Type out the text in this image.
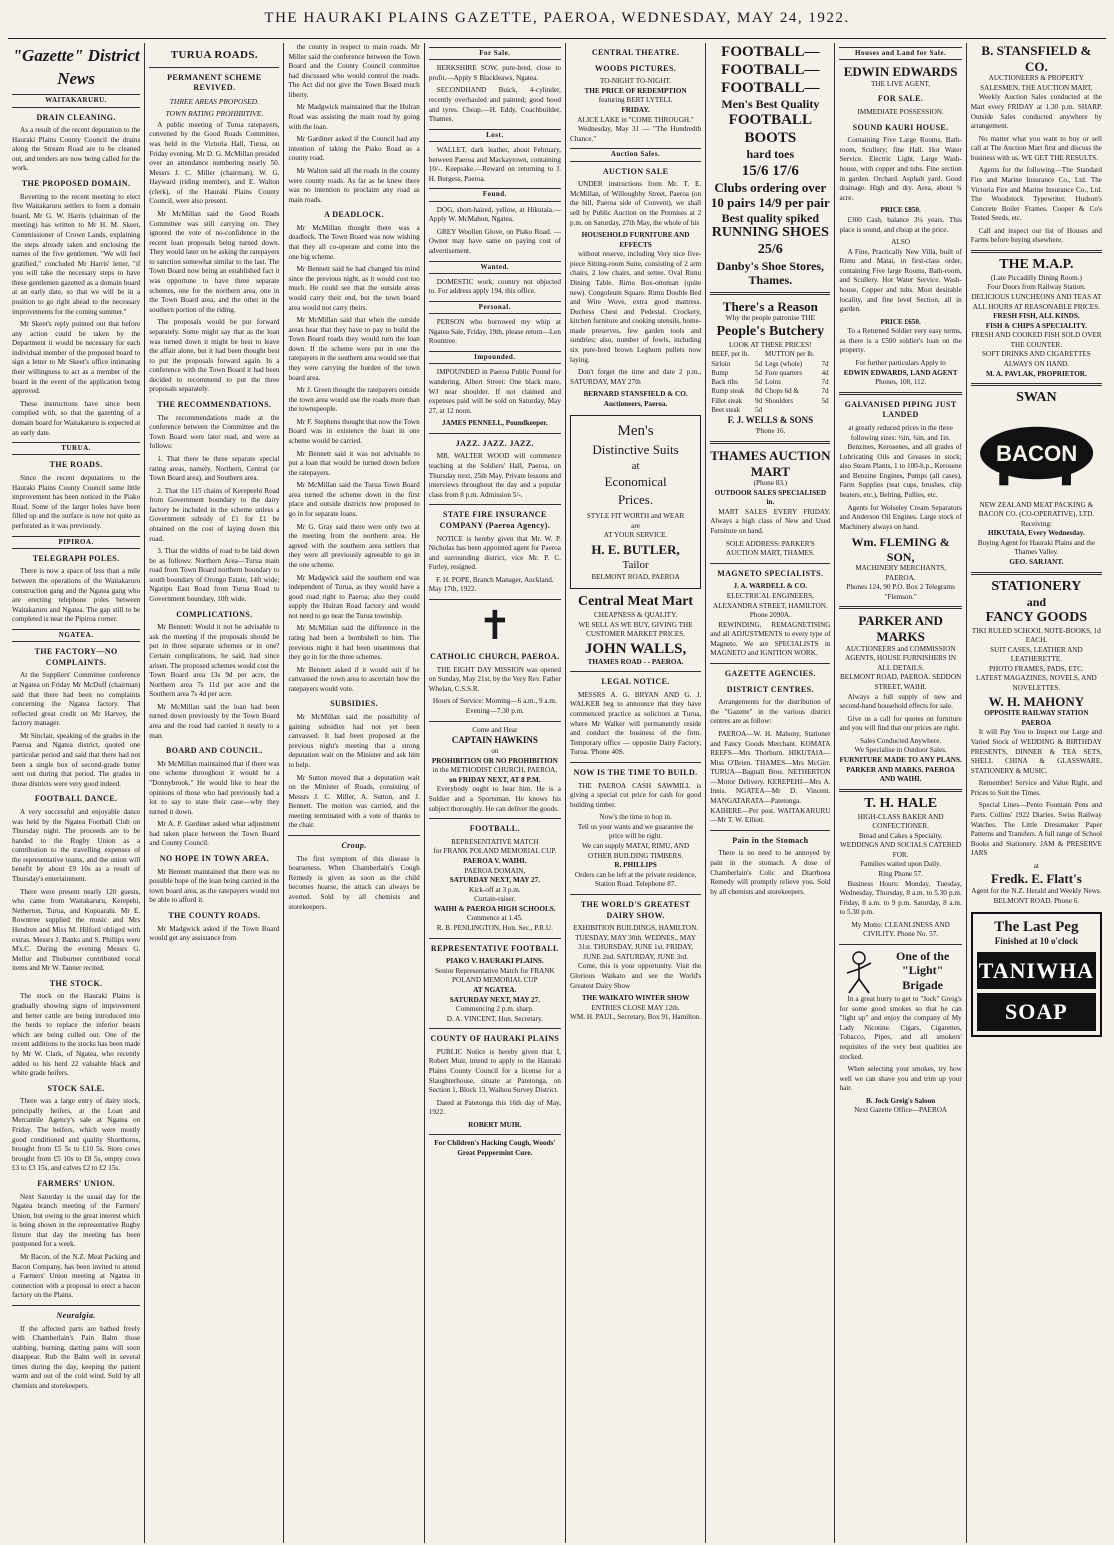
THE HAURAKI PLAINS GAZETTE, PAEROA, WEDNESDAY, MAY 24, 1922.
"Gazette" District News
WAITAKARURU.
DRAIN CLEANING.

As a result of the recent deputation to the Hauraki Plains County Council the drains along the Stream Road are to be cleaned out, and tenders are now being called for the work.

THE PROPOSED DOMAIN.

Reverting to the recent meeting to elect five Waitakaruru settlers to form a domain board, Mr G. W. Harris (chairman of the meeting) has written to Mr H. M. Skeet, Commissioner of Crown Lands, explaining the steps already taken and enclosing the names of the five gentlemen. "We will feel gratified," concluded Mr Harris' letter, "if you will take the necessary steps to have these gentlemen gazetted as a domain board at an early date, so that we will be in a position to go right ahead to the necessary improvements for the coming summer."

Mr Skeet's reply pointed out that before any action could be taken by the Department it would be necessary for each individual member of the proposed board to sign a letter to Mr Skeet's office intimating their willingness to act as a member of the board in the event of the application being approved.

These instructions have since been complied with, so that the gazetting of a domain board for Waitakaruru is expected at an early date.

TURUA.
THE ROADS.

Since the recent deputations to the Hauraki Plains County Council some little improvement has been noticed in the Piako Road. Some of the larger holes have been filled up and the surface is now not quite as perforated as it was previously.

PIPIROA.
TELEGRAPH POLES.

There is now a space of less than a mile between the operations of the Waitakaruru construction gang and the Ngatea gang who are erecting telephone poles between Waitakaruru and Ngatea. The gap still to be completed is near the Pipiroa corner.

NGATEA.
THE FACTORY—NO COMPLAINTS.

At the Suppliers' Committee conference at Ngatea on Friday Mr McDuff (chairman) said that there had been no complaints concerning the Ngatea factory. That reflected great credit on Mr Harvey, the factory manager.

Mr Sinclair, speaking of the grades in the Paeroa and Ngatea district, quoted one particular period and said that there had not been a single box of second-grade butter sent out during that period. The grades in those districts were very good indeed.

FOOTBALL DANCE.

A very successful and enjoyable dance was held by the Ngatea Football Club on Thursday night. The proceeds are to be handed to the Rugby Union as a contribution to the travelling expenses of the representative teams, and the union will benefit by about £9 10s as a result of Thursday's entertainment.

There were present nearly 120 guests, who came from Waitakaruru, Kerepehi, Netherton, Turua, and Kopuarahi. Mr E. Rowntree supplied the music and Mrs Hendren and Miss M. Hilford obliged with extras. Messrs J. Banks and S. Phillips were M's.C. During the evening Messrs G. Mellor and Thoburner contributed vocal items and Mr W. Tanner recited.

THE STOCK.

The stock on the Hauraki Plains is gradually showing signs of improvement and better cattle are being introduced into the herds to replace the inferior beasts which are being culled out. One of the recent additions to the stocks has been made by Mr W. Clark, of Ngatea, who recently added to his herd 22 valuable black and white grade heifers.

STOCK SALE.

There was a large entry of dairy stock, principally heifers, at the Loan and Mercantile Agency's sale at Ngatea on Friday. The heifers, which were mostly good conditioned and quality Shorthorns, brought from £5 5s to £10 5s. Store cows brought from £5 10s to £8 5s, empty cows £3 to £3 15s, and calves £2 to £2 15s.

FARMERS' UNION.

Next Saturday is the usual day for the Ngatea branch meeting of the Farmers' Union, but owing to the great interest which is being shown in the representative Rugby fixture that day the meeting has been postponed for a week.

Mr Bacon, of the N.Z. Meat Packing and Bacon Company, has been invited to attend a Farmers' Union meeting at Ngatea in connection with a proposal to erect a bacon factory on the Plains.

Neuralgia.

If the affected parts are bathed freely with Chamberlain's Pain Balm those stabbing, burning, darting pains will soon disappear. Rub the Balm well in several times during the day, keeping the patient warm and out of the cold wind. Sold by all chemists and storekeepers.

TURUA ROADS.
PERMANENT SCHEME REVIVED.
THREE AREAS PROPOSED.
TOWN RATING PROHIBITIVE.

A public meeting of Turua ratepayers, convened by the Good Roads Committee, was held in the Victoria Hall, Turua, on Friday evening. Mr D. G. McMillan presided over an attendance numbering nearly 50. Messrs J. C. Miller (chairman), W. G. Hayward (riding member), and E. Walton (clerk), of the Hauraki Plains County Council, were also present.

Mr McMillan said the Good Roads Committee was still carrying on. They ignored the vote of no-confidence in the recent loan proposals being turned down. They would later on be asking the ratepayers to sanction somewhat similar to the last. The Town Board now being an established fact it was opportune to have three separate schemes, one for the northern area, one in the Town Board area, and the other in the southern portion of the riding.

The proposals would be put forward separately. Some might say that as the loan was turned down it might be best to leave the affair alone, but it had been thought best to put the proposals forward again. In a conference with the Town Board it had been decided to recommend to put the three proposals separately.

THE RECOMMENDATIONS.

The recommendations made at the conference between the Committee and the Town Board were later read, and were as follows:

1. That there be three separate special rating areas, namely, Northern, Central (or Town Board area), and Southern area.

2. That the 115 chains of Kerepeehi Road from Government boundary to the dairy factory be included in the scheme unless a Government subsidy of £1 for £1 be obtained on the cost of laying down this road.

3. That the widths of road to be laid down be as follows: Northern Area—Turua main road from Town Board northern boundary to south boundary of Orongo Estate, 14ft wide; Ngatipu East Road from Turua Road to Government boundary, 10ft wide.

COMPLICATIONS.

Mr Bennett: Would it not be advisable to ask the meeting if the proposals should be put in three separate schemes or in one? Certain complications, he said, had since arisen. The proposed schemes would cost the Town Board area 13s 9d per acre, the Northern area 7s 11d per acre and the Southern area 7s 4d per acre.

Mr McMillan said the loan had been turned down previously by the Town Board area and the road had carried it nearly to a man.

BOARD AND COUNCIL.

Mr McMillan maintained that if there was one scheme throughout it would be a "Donnybrook." He would like to hear the opinions of those who had previously had a lot to say to state their case—why they turned it down.

Mr A. P. Gardiner asked what adjustment had taken place between the Town Board and County Council.

NO HOPE IN TOWN AREA.

Mr Bennett maintained that there was no possible hope of the loan being carried in the town board area, as the ratepayers would not be able to afford it.

THE COUNTY ROADS.

Mr Madgwick asked if the Town Board would get any assistance from

the county in respect to main roads. Mr Miller said the conference between the Town Board and the County Council committee had discussed who would control the roads. The Act did not give the Town Board much liberty.

Mr Madgwick maintained that the Hulran Road was assisting the main road by going with the loan.

Mr Gardiner asked if the Council had any intention of taking the Piako Road as a county road.

Mr Walton said all the roads in the county were county roads. As far as he knew there was no intention to proclaim any road as main roads.

A DEADLOCK.

Mr McMillan thought there was a deadlock. The Town Board was now wishing that they all co-operate and come into the one big scheme.

Mr Bennett said he had changed his mind since the previous night, as it would cost too much. He could see that the outside areas would carry their end, but the town board area would not carry theirs.

Mr McMillan said that when the outside areas hear that they have to pay to build the Town Board roads they would turn the loan down. If the scheme were put in one the ratepayers in the southern area would see that they were carrying the burden of the town board area.

Mr J. Green thought the ratepayers outside the town area would use the roads more than the townspeople.

Mr F. Stephens thought that now the Town Board was in existence the loan in one scheme would be carried.

Mr Bennett said it was not advisable to put a loan that would be turned down before the ratepayers.

Mr McMillan said the Turua Town Board area turned the scheme down in the first place and outside districts now proposed to go in for separate loans.

Mr G. Gray said there were only two at the meeting from the northern area. He agreed with the southern area settlers that they were all previously agreeable to go in the one scheme.

Mr Madgwick said the southern end was independent of Turua, as they would have a good road right to Paeroa; also they could supply the Hulran Road factory and would not need to go near the Turua township.

Mr McMillan said the difference in the rating had been a bombshell to him. The previous night it had been unanimous that they go in for the three schemes.

Mr Bennett asked if it would suit if he canvassed the town area to ascertain how the ratepayers would vote.

SUBSIDIES.

Mr McMillan said the possibility of gaining subsidies had not yet been canvassed. It had been proposed at the previous night's meeting that a strong deputation wait on the Minister and ask him to help.

Mr Sutton moved that a deputation wait on the Minister of Roads, consisting of Messrs J. C. Miller, A. Sutton, and J. Bennett. The motion was carried, and the meeting terminated with a vote of thanks to the chair.

Croup.

The first symptom of this disease is hoarseness. When Chamberlain's Cough Remedy is given as soon as the child becomes hoarse, the attack can always be averted. Sold by all chemists and storekeepers.

For Sale.

BERKSHIRE SOW, pure-bred, close to profit.—Apply S Blackleaws, Ngatea.

SECONDHAND Buick, 4-cylinder, recently overhauled and painted; good hood and tyres. Cheap.—H. Eddy, Coachbuilder, Thames.

Lost.

WALLET, dark leather, about February, between Paeroa and Mackaytown, containing 10/-. Keepsake.—Reward on returning to J. H. Burgess, Paeroa.

Found.

DOG, short-haired, yellow, at Hikutaia.—Apply W. McMahon, Ngatea.

GREY Woollen Glove, on Piako Road. — Owner may have same on paying cost of advertisement.

Wanted.

DOMESTIC work, country not objected to. For address apply 194, this office.

Personal.

PERSON who borrowed my whip at Ngatea Sale, Friday, 19th, please return—Len Rountree.

Impounded.

IMPOUNDED in Paeroa Public Pound for wandering, Albert Street: One black mare, WJ near shoulder. If not claimed and expenses paid will be sold on Saturday, May 27, at 12 noon.

JAMES PENNELL, Poundkeeper.
JAZZ. JAZZ. JAZZ.

MR. WALTER WOOD will commence teaching at the Soldiers' Hall, Paeroa, on Thursday next, 25th May. Private lessons and interviews throughout the day and a popular class from 8 p.m. Admission 5/-.

STATE FIRE INSURANCE COMPANY (Paeroa Agency).

NOTICE is hereby given that Mr. W. P. Nicholas has been appointed agent for Paeroa and surrounding district, vice Mr. P. C. Furley, resigned.

F. H. POPE, Branch Manager, Auckland.
May 17th, 1922.
✝
CATHOLIC CHURCH, PAEROA.

THE EIGHT DAY MISSION was opened on Sunday, May 21st, by the Very Rev. Father Whelan, C.S.S.R.

Hours of Service: Morning—6 a.m., 9 a.m. Evening—7.30 p.m.
Come and Hear
CAPTAIN HAWKINS
on
PROHIBITION OR NO PROHIBITION
in the METHODIST CHURCH, PAEROA,
on FRIDAY NEXT, AT 8 P.M.

Everybody ought to hear him. He is a Soldier and a Sportsman. He knows his subject thoroughly. He can deliver the goods.

FOOTBALL.
REPRESENTATIVE MATCH
for FRANK POLAND MEMORIAL CUP.
PAEROA V. WAIHI.
PAEROA DOMAIN,
SATURDAY NEXT, MAY 27.
Kick-off at 3 p.m.
Curtain-raiser.
WAIHI & PAEROA HIGH SCHOOLS.
Commence at 1.45.
R. B. PENLINGTON, Hon. Sec., P.R.U.
REPRESENTATIVE FOOTBALL
PIAKO V. HAURAKI PLAINS.
Senior Representative Match for FRANK POLAND MEMORIAL CUP
AT NGATEA.
SATURDAY NEXT, MAY 27.
Commencing 2 p.m. sharp.
D. A. VINCENT, Hon. Secretary.
COUNTY OF HAURAKI PLAINS

PUBLIC Notice is hereby given that I, Robert Muir, intend to apply to the Hauraki Plains County Council for a license for a Slaughterhouse, situate at Patetonga, on Section 1, Block 13, Waihou Survey District.

Dated at Patetonga this 16th day of May, 1922.

ROBERT MUIR.
For Children's Hacking Cough, Woods' Great Peppermint Cure.
CENTRAL THEATRE.
WOODS PICTURES.
TO-NIGHT TO-NIGHT.
THE PRICE OF REDEMPTION
featuring BERT LYTELL
FRIDAY.
ALICE LAKE in "COME THROUGH."

Wednesday, May 31 — "The Hundredth Chance."

Auction Sales.
AUCTION SALE

UNDER instructions from Mr. T. E. McMillan, of Willoughby Street, Paeroa (on the hill, Paeroa side of Convent), we shall sell by Public Auction on the Premises at 2 p.m. on Saturday, 27th May, the whole of his

HOUSEHOLD FURNITURE AND EFFECTS

without reserve, including Very nice five-piece Sitting-room Suite, consisting of 2 arm chairs, 2 low chairs, and settee. Oval Rimu Dining Table. Rimu Box-ottoman (quite new). Congoleum Square. Rimu Double Bed and Wire Wove, extra good mattress. Duchess Chest and Pedestal. Crockery, kitchen furniture and cooking utensils, home-made preserves, few garden tools and sundries; also, number of fowls, including six pure-bred brown Leghorn pullets now laying.

Don't forget the time and date 2 p.m., SATURDAY, MAY 27th

BERNARD STANSFIELD & CO. Auctioneers, Paeroa.
Men's
Distinctive Suits
at
Economical
Prices.
STYLE FIT WORTH and WEAR
are
AT YOUR SERVICE.
H. E. BUTLER,
Tailor
BELMONT ROAD, PAEROA
Central Meat Mart
CHEAPNESS & QUALITY.
WE SELL AS WE BUY, GIVING THE CUSTOMER MARKET PRICES.
JOHN WALLS,
THAMES ROAD - - PAEROA.
LEGAL NOTICE.

MESSRS A. G. BRYAN AND G. J. WALKER beg to announce that they have commenced practice as solicitors at Turua, where Mr Walker will permanently reside and conduct the business of the firm. Temporary office — opposite Dairy Factory, Turua. 'Phone 40S.

NOW IS THE TIME TO BUILD.

THE PAEROA CASH SAWMILL is giving a special cut price for cash for good building timber.

Now's the time to hop in.
Tell us your wants and we guarantee the price will be right.
We can supply MATAI, RIMU, AND OTHER BUILDING TIMBERS.
R. PHILLIPS
Orders can be left at the private residence, Station Road. Telephone 87.
THE WORLD'S GREATEST DAIRY SHOW.
EXHIBITION BUILDINGS, HAMILTON.
TUESDAY, MAY 30th. WEDNES., MAY 31st. THURSDAY, JUNE 1st. FRIDAY, JUNE 2nd. SATURDAY, JUNE 3rd.

Come, this is your opportunity. Visit the Glorious Waikato and see the World's Greatest Dairy Show

THE WAIKATO WINTER SHOW
ENTRIES CLOSE MAY 12th.
WM. H. PAUL, Secretary, Box 91, Hamilton.
FOOTBALL—
FOOTBALL—
FOOTBALL—
Men's Best Quality
FOOTBALL
BOOTS
hard toes
15/6 17/6
Clubs ordering over 10 pairs 14/9 per pair
Best quality spiked
RUNNING SHOES
25/6
Danby's Shoe Stores, Thames.
There's a Reason
Why the people patronise THE
People's Butchery
LOOK AT THESE PRICES!
BEEF, per lb.		MUTTON per lb.	
Sirloin	5d	Legs (whole)	7d
Rump	5d	Fore quarters	4d
Back ribs	5d	Loins	7d
Rump steak	8d	Chops 6d &	7d
Fillet steak	9d	Shoulders	5d
Beet steak	5d		
F. J. WELLS & SONS
'Phone 16.
THAMES AUCTION MART
(Phone 83.)
OUTDOOR SALES SPECIALISED in.

MART SALES EVERY FRIDAY. Always a high class of New and Used Furniture on hand.

SOLE ADDRESS: PARKER'S AUCTION MART, THAMES.
MAGNETO SPECIALISTS.
J. A. WARDELL & CO.
ELECTRICAL ENGINEERS, ALEXANDRA STREET, HAMILTON.
Phone 2090A.

REWINDING, REMAGNETISING and all ADJUSTMENTS to every type of Magneto. We are SPECIALISTS in MAGNETO and IGNITION WORK.

GAZETTE AGENCIES.
DISTRICT CENTRES.

Arrangements for the distribution of the "Gazette" in the various district centres are as follow:

PAEROA—W. H. Mahony, Stationer and Fancy Goods Merchant. KOMATA REEFS—Mrs Thorburn. HIKUTAIA—Miss O'Brien. THAMES—Mrs McGirr. TURUA—Bagnall Bros. NETHERTON—Motor Delivery. KEREPEHI—Mrs A. Innis. NGATEA—Mr D. Vincent. MANGATARATA—Patetonga. KAIHERE—Per post. WAITAKARURU—Mr T. W. Elliott.

Pain in the Stomach

There is no need to be annoyed by pain in the stomach. A dose of Chamberlain's Colic and Diarrhoea Remedy will promptly relieve you. Sold by all chemists and storekeepers.

Houses and Land for Sale.
EDWIN EDWARDS
THE LIVE AGENT,
FOR SALE.
IMMEDIATE POSSESSION.
SOUND KAURI HOUSE.

Containing Five Large Rooms, Bath-room, Scullery; fine Hall. Hot Water Service. Electric Light. Large Wash-house, with copper and tubs. Fine section in garden. Orchard. Asphalt yard. Good drainage. High and dry. Area, about ¾ acre.

PRICE £850.

£300 Cash, balance 3¼ years. This place is sound, and cheap at the price.

ALSO

A Fine, Practically New Villa, built of Rimu and Matai, in first-class order, containing Five large Rooms, Bath-room, and Scullery. Hot Water Service. Wash-house, Copper and tubs. Most desirable locality, and fine level Section, all in garden.

PRICE £650.

To a Returned Soldier very easy terms, as there is a £500 soldier's loan on the property.

For further particulars Apply to
EDWIN EDWARDS, LAND AGENT
Phones, 108, 112.
GALVANISED PIPING JUST LANDED
at greatly reduced prices in the three following sizes: ½in, ¾in, and 1in.

Benzines, Kerosenes, and all grades of Lubricating Oils and Greases in stock; also Steam Plants, 1 to 100-h.p., Kerosene and Benzine Engines, Pumps (all cases), Farm Supplies (teat cups, brushes, chip heaters, etc.), Belting, Pullies, etc.

Agents for Wolseley Cream Separators and Anderson Oil Engines. Large stock of Machinery always on hand.

Wm. FLEMING & SON,
MACHINERY MERCHANTS, PAEROA.
Phones 124, 90 P.O. Box 2 Telegrams "Flemson."
PARKER AND MARKS
AUCTIONEERS and COMMISSION AGENTS, HOUSE FURNISHERS IN ALL DETAILS.
BELMONT ROAD, PAEROA. SEDDON STREET, WAIHI.

Always a full supply of new and second-hand household effects for sale.

Give us a call for quotes on furniture and you will find that our prices are right.

Sales Conducted Anywhere.
We Specialise in Outdoor Sales.
FURNITURE MADE TO ANY PLANS.
PARKER AND MARKS. PAEROA AND WAIHI.
T. H. HALE
HIGH-CLASS BAKER AND CONFECTIONER.
Bread and Cakes a Specialty.
WEDDINGS AND SOCIALS CATERED FOR.
Families waited upon Daily.
Ring Phone 57.

Business Hours: Monday, Tuesday, Wednesday, Thursday, 8 a.m. to 5.30 p.m. Friday, 8 a.m. to 9 p.m. Saturday, 8 a.m. to 5.30 p.m.

My Motto: CLEANLINESS AND CIVILITY. Phone No. 57.
One of the
"Light" Brigade

In a great hurry to get to "Jock" Greig's for some good smokes so that he can "light up" and enjoy the company of My Lady Nicotine. Cigars, Cigarettes, Tobacco, Pipes, and all smokers' requisites of the very best qualities are stocked.

When selecting your smokes, try how well we can shave you and trim up your hair.

B. Jock Greig's Saloon
Next Gazette Office—PAEROA
B. STANSFIELD & CO.
AUCTIONEERS & PROPERTY SALESMEN, THE AUCTION MART,

Weekly Auction Sales conducted at the Mart every FRIDAY at 1.30 p.m. SHARP. Outside Sales conducted anywhere by arrangement.

No matter what you want to buy or sell call at The Auction Mart first and discuss the business with us. WE GET THE RESULTS.

Agents for the following—The Standard Fire and Marine Insurance Co., Ltd. The Victoria Fire and Marine Insurance Co., Ltd. The Woodstock Typewriter. Hudson's Concrete Boiler Frames. Cooper & Co's Tested Seeds, etc.

Call and inspect our list of Houses and Farms before buying elsewhere.

THE M.A.P.
(Late Piccadilly Dining Room.)
Four Doors from Railway Station.
DELICIOUS LUNCHEONS AND TEAS AT ALL HOURS AT REASONABLE PRICES.
FRESH FISH, ALL KINDS.
FISH & CHIPS A SPECIALITY.
FRESH AND COOKED FISH SOLD OVER THE COUNTER.
SOFT DRINKS AND CIGARETTES ALWAYS ON HAND.
M. A. PAVLAK, PROPRIETOR.
SWAN
BACON
NEW ZEALAND MEAT PACKING & BACON CO. (CO-OPERATIVE), LTD.
Receiving:
HIKUTAIA, Every Wednesday.
Buying Agent for Hauraki Plains and the Thames Valley.
GEO. SARJANT.
STATIONERY
and
FANCY GOODS
TIKI RULED SCHOOL NOTE-BOOKS, 1d EACH.
SUIT CASES, LEATHER AND LEATHERETTE.
PHOTO FRAMES, PADS, ETC.
LATEST MAGAZINES, NOVELS, AND NOVELETTES.
W. H. MAHONY
OPPOSITE RAILWAY STATION PAEROA

It will Pay You to Inspect our Large and Varied Stock of WEDDING & BIRTHDAY PRESENTS, DINNER & TEA SETS, SHELL CHINA & GLASSWARE, STATIONERY & MUSIC.

Remember! Service and Value Right, and Prices to Suit the Times.

Special Lines—Pento Fountain Pens and Parts. Collins' 1922 Diaries. Swiss Railway Watches. The Little Dressmaker Paper Patterns and Transfers. A full range of School Books and Stationery. JAM & PRESERVE JARS

at
Fredk. E. Flatt's
Agent for the N.Z. Herald and Weekly News. BELMONT ROAD. Phone 6.
The Last Peg
Finished at 10 o'clock
TANIWHA
SOAP
